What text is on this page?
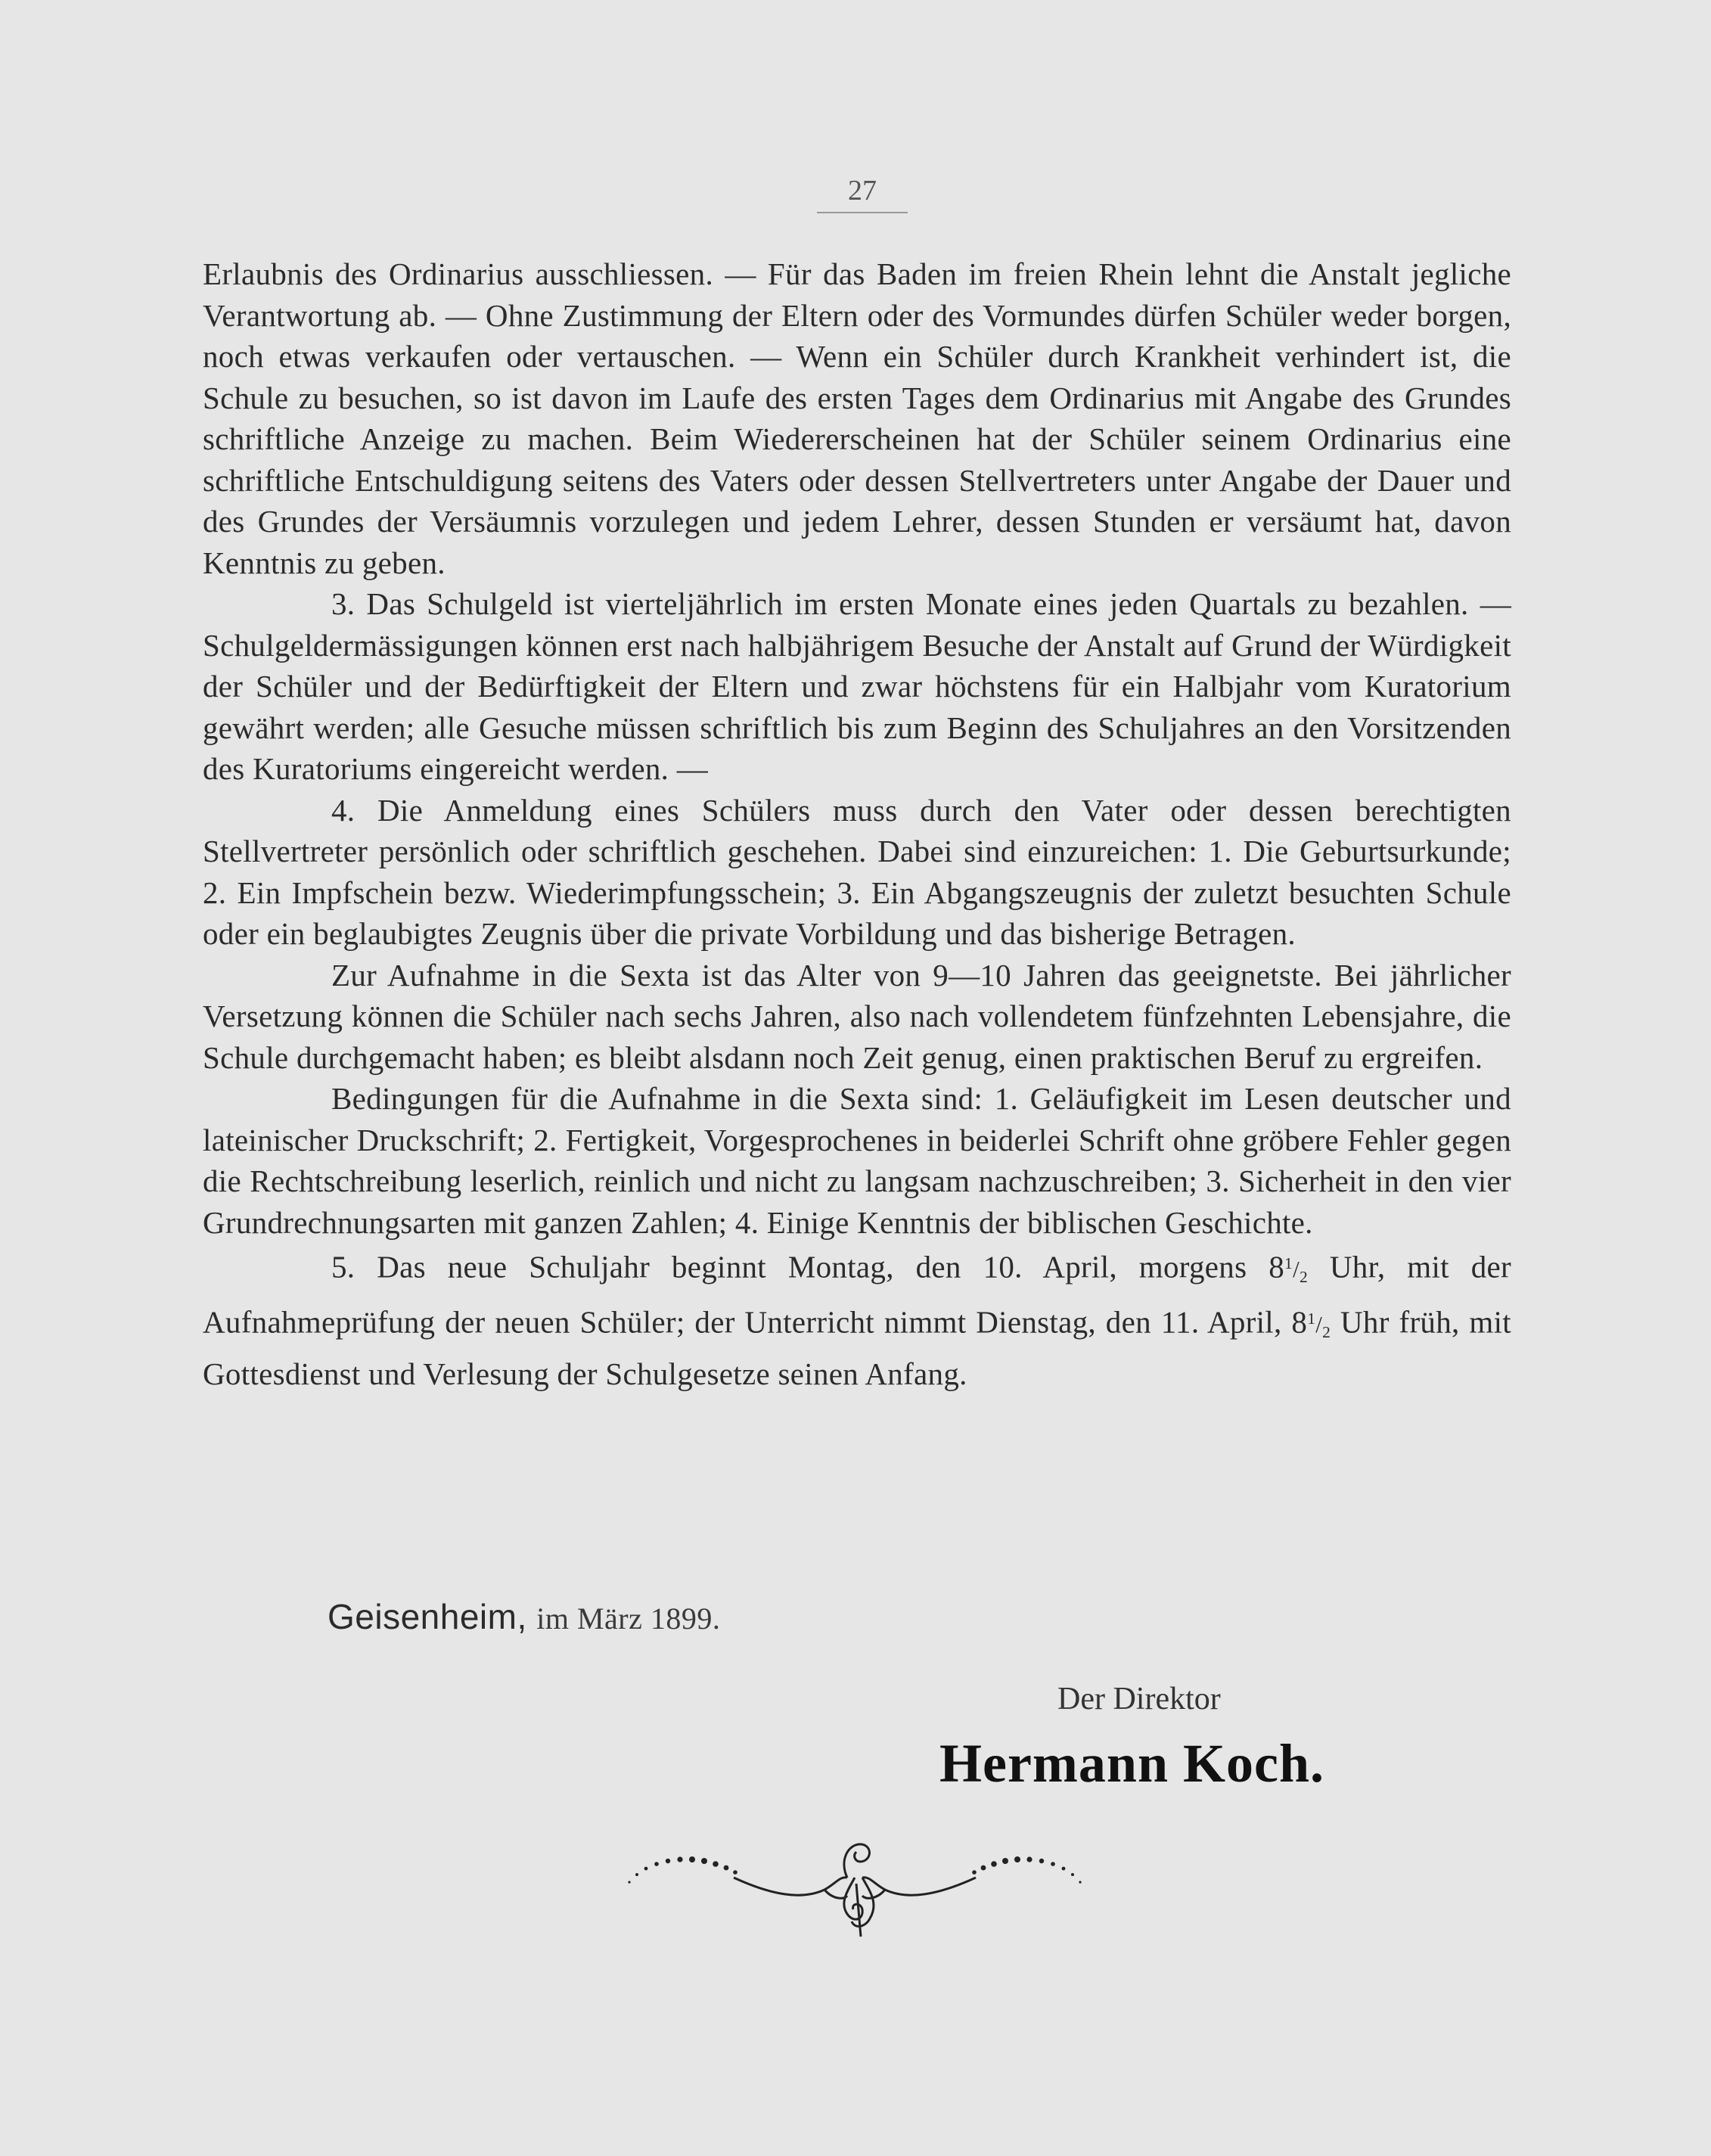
27

Erlaubnis des Ordinarius ausschliessen. — Für das Baden im freien Rhein lehnt die Anstalt jegliche Verantwortung ab. — Ohne Zustimmung der Eltern oder des Vormundes dürfen Schüler weder borgen, noch etwas verkaufen oder vertauschen. — Wenn ein Schüler durch Krankheit verhindert ist, die Schule zu besuchen, so ist davon im Laufe des ersten Tages dem Ordinarius mit Angabe des Grundes schriftliche Anzeige zu machen. Beim Wiedererscheinen hat der Schüler seinem Ordinarius eine schriftliche Entschuldigung seitens des Vaters oder dessen Stellvertreters unter Angabe der Dauer und des Grundes der Versäumnis vorzulegen und jedem Lehrer, dessen Stunden er versäumt hat, davon Kenntnis zu geben.

3. Das Schulgeld ist vierteljährlich im ersten Monate eines jeden Quartals zu bezahlen. — Schulgeldermässigungen können erst nach halbjährigem Besuche der Anstalt auf Grund der Würdigkeit der Schüler und der Bedürftigkeit der Eltern und zwar höchstens für ein Halbjahr vom Kuratorium gewährt werden; alle Gesuche müssen schriftlich bis zum Beginn des Schuljahres an den Vorsitzenden des Kuratoriums eingereicht werden. —

4. Die Anmeldung eines Schülers muss durch den Vater oder dessen berechtigten Stellvertreter persönlich oder schriftlich geschehen. Dabei sind einzureichen: 1. Die Geburtsurkunde; 2. Ein Impfschein bezw. Wiederimpfungsschein; 3. Ein Abgangszeugnis der zuletzt besuchten Schule oder ein beglaubigtes Zeugnis über die private Vorbildung und das bisherige Betragen.

Zur Aufnahme in die Sexta ist das Alter von 9—10 Jahren das geeignetste. Bei jährlicher Versetzung können die Schüler nach sechs Jahren, also nach vollendetem fünfzehnten Lebensjahre, die Schule durchgemacht haben; es bleibt alsdann noch Zeit genug, einen praktischen Beruf zu ergreifen.

Bedingungen für die Aufnahme in die Sexta sind: 1. Geläufigkeit im Lesen deutscher und lateinischer Druckschrift; 2. Fertigkeit, Vorgesprochenes in beiderlei Schrift ohne gröbere Fehler gegen die Rechtschreibung leserlich, reinlich und nicht zu langsam nachzuschreiben; 3. Sicherheit in den vier Grundrechnungsarten mit ganzen Zahlen; 4. Einige Kenntnis der biblischen Geschichte.

5. Das neue Schuljahr beginnt Montag, den 10. April, morgens $8^1/_2$ Uhr, mit der Aufnahmeprüfung der neuen Schüler; der Unterricht nimmt Dienstag, den 11. April, $8^1/_2$ Uhr früh, mit Gottesdienst und Verlesung der Schulgesetze seinen Anfang.

Geisenheim, im März 1899.
Der Direktor
Hermann Koch.
